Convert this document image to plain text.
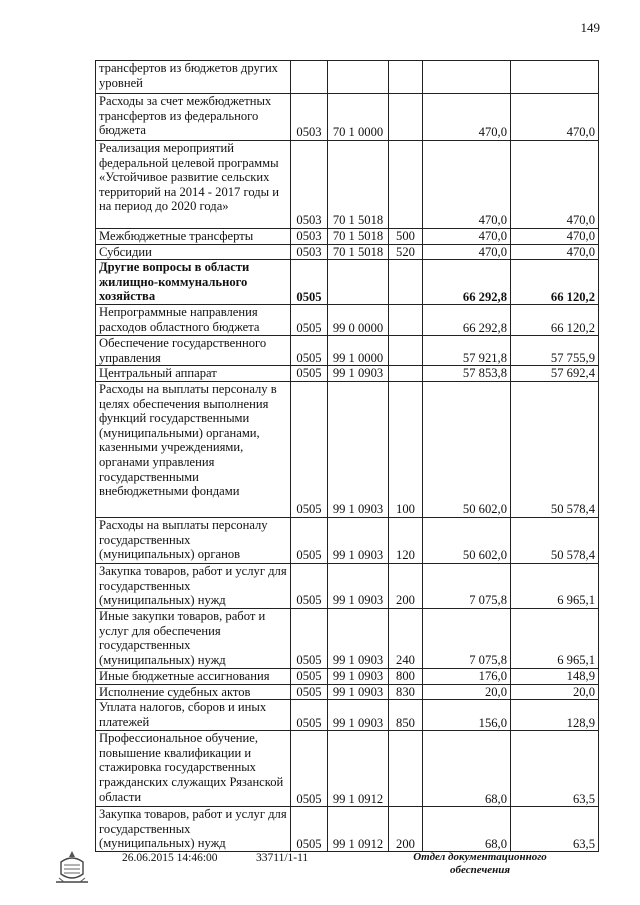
149
трансфертов из бюджетов других уровней					
Расходы за счет межбюджетных трансфертов из федерального бюджета	0503	70 1 0000		470,0	470,0
Реализация мероприятий федеральной целевой программы «Устойчивое развитие сельских территорий на 2014 - 2017 годы и на период до 2020 года»	0503	70 1 5018		470,0	470,0
Межбюджетные трансферты	0503	70 1 5018	500	470,0	470,0
Субсидии	0503	70 1 5018	520	470,0	470,0
Другие вопросы в области жилищно-коммунального хозяйства	0505			66 292,8	66 120,2
Непрограммные направления расходов областного бюджета	0505	99 0 0000		66 292,8	66 120,2
Обеспечение государственного управления	0505	99 1 0000		57 921,8	57 755,9
Центральный аппарат	0505	99 1 0903		57 853,8	57 692,4
Расходы на выплаты персоналу в целях обеспечения выполнения функций государственными (муниципальными) органами, казенными учреждениями, органами управления государственными внебюджетными фондами	0505	99 1 0903	100	50 602,0	50 578,4
Расходы на выплаты персоналу государственных (муниципальных) органов	0505	99 1 0903	120	50 602,0	50 578,4
Закупка товаров, работ и услуг для государственных (муниципальных) нужд	0505	99 1 0903	200	7 075,8	6 965,1
Иные закупки товаров, работ и услуг для обеспечения государственных (муниципальных) нужд	0505	99 1 0903	240	7 075,8	6 965,1
Иные бюджетные ассигнования	0505	99 1 0903	800	176,0	148,9
Исполнение судебных актов	0505	99 1 0903	830	20,0	20,0
Уплата налогов, сборов и иных платежей	0505	99 1 0903	850	156,0	128,9
Профессиональное обучение, повышение квалификации и стажировка государственных гражданских служащих Рязанской области	0505	99 1 0912		68,0	63,5
Закупка товаров, работ и услуг для государственных (муниципальных) нужд	0505	99 1 0912	200	68,0	63,5
26.06.2015 14:46:00	33711/1-11	Отдел документационного
обеспечения
